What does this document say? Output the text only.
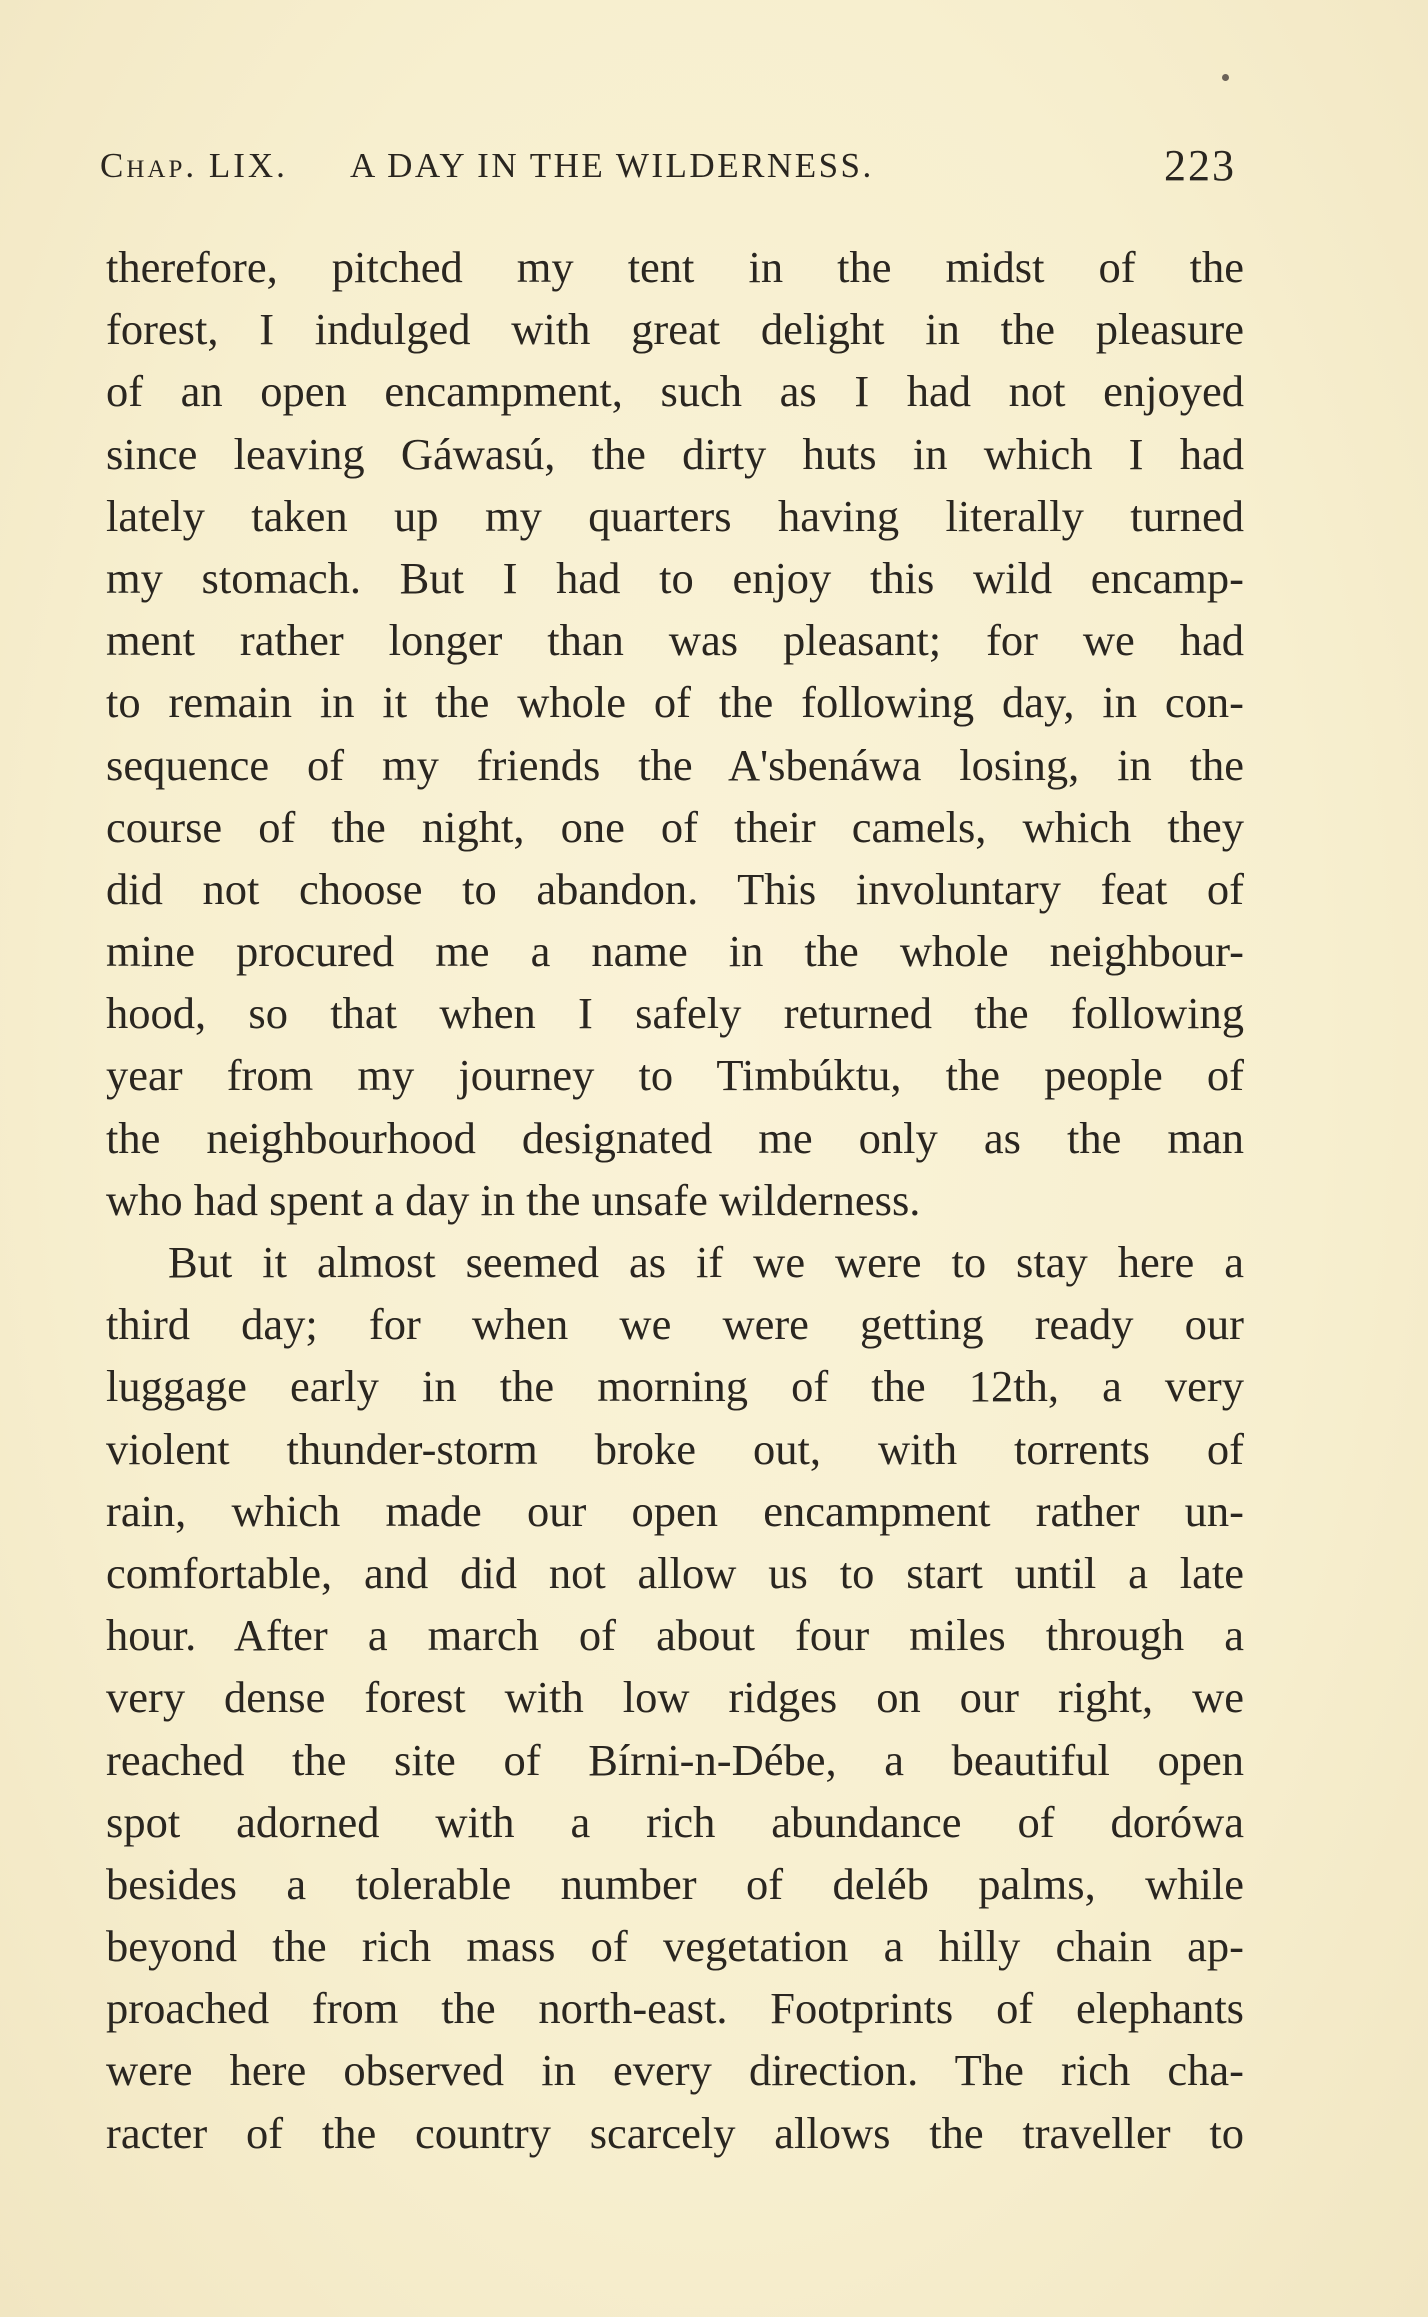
Chap. LIX. A DAY IN THE WILDERNESS.	223
therefore, pitched my tent in the midst of the
forest, I indulged with great delight in the pleasure
of an open encampment, such as I had not enjoyed
since leaving Gáwasú, the dirty huts in which I had
lately taken up my quarters having literally turned
my stomach. But I had to enjoy this wild encamp-
ment rather longer than was pleasant; for we had
to remain in it the whole of the following day, in con-
sequence of my friends the A'sbenáwa losing, in the
course of the night, one of their camels, which they
did not choose to abandon. This involuntary feat of
mine procured me a name in the whole neighbour-
hood, so that when I safely returned the following
year from my journey to Timbúktu, the people of
the neighbourhood designated me only as the man
who had spent a day in the unsafe wilderness.
But it almost seemed as if we were to stay here a
third day; for when we were getting ready our
luggage early in the morning of the 12th, a very
violent thunder-storm broke out, with torrents of
rain, which made our open encampment rather un-
comfortable, and did not allow us to start until a late
hour. After a march of about four miles through a
very dense forest with low ridges on our right, we
reached the site of Bírni-n-Débe, a beautiful open
spot adorned with a rich abundance of dorówa
besides a tolerable number of deléb palms, while
beyond the rich mass of vegetation a hilly chain ap-
proached from the north-east. Footprints of elephants
were here observed in every direction. The rich cha-
racter of the country scarcely allows the traveller to
